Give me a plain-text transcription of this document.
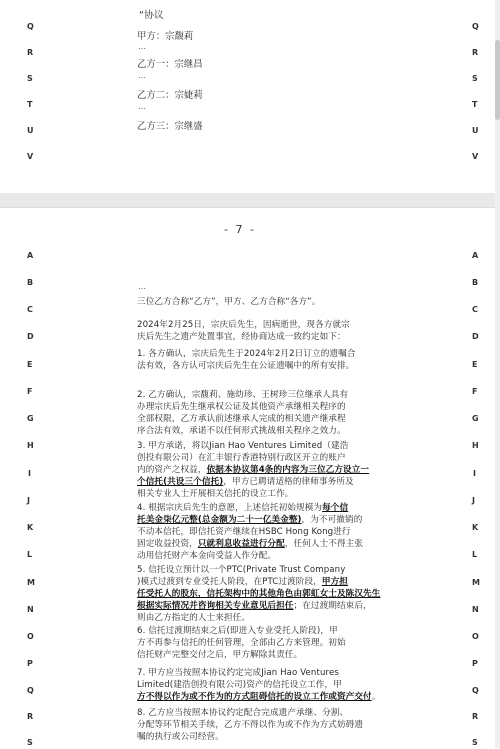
“协议
甲方：宗馥莉
…
乙方一：宗继昌
…
乙方二：宗婕莉
…
乙方三：宗继盛
Q
R
S
T
U
V
Q
R
S
T
U
V
- 7 -
A
B
C
D
E
F
G
H
I
J
K
L
M
N
O
P
Q
R
S
A
B
C
D
E
F
G
H
I
J
K
L
M
N
O
P
Q
R
S
…
三位乙方合称“乙方”，甲方、乙方合称“各方”。
2024年2月25日，宗庆后先生，因病逝世，现各方就宗
庆后先生之遗产处置事宜，经协商达成一致约定如下：
1. 各方确认，宗庆后先生于2024年2月2日订立的遗嘱合
法有效，各方认可宗庆后先生在公证遗嘱中的所有安排。
2. 乙方确认，宗馥莉、施幼珍、王树珍三位继承人具有
办理宗庆后先生继承权公证及其他资产承继相关程序的
全部权限，乙方承认前述继承人完成的相关遗产继承程
序合法有效，承诺不以任何形式挑战相关程序之效力。
3. 甲方承诺，将以Jian Hao Ventures Limited（建浩
创投有限公司）在汇丰银行香港特别行政区开立的账户
内的资产之权益，依据本协议第4条的内容为三位乙方设立一
个信托(共设三个信托)，甲方已聘请适格的律师事务所及
相关专业人士开展相关信托的设立工作。
4. 根据宗庆后先生的意愿，上述信托初始规模为每个信
托美金柒亿元整(总金额为二十一亿美金整)，为不可撤销的
不动本信托，即信托资产继续在HSBC Hong Kong进行
固定收益投资，只就利息收益进行分配，任何人士不得主张
动用信托财产本金向受益人作分配。
5. 信托设立预计以一个PTC(Private Trust Company
)模式过渡到专业受托人阶段，在PTC过渡阶段，甲方担
任受托人的股东，信托架构中的其他角色由郭虹女士及陈汉先生
根据实际情况并咨询相关专业意见后担任；在过渡期结束后，
则由乙方指定的人士来担任。
6. 信托过渡期结束之后(即进入专业受托人阶段)，甲
方不再参与信托的任何管理，全部由乙方来管理。初始
信托财产完整交付之后，甲方解除其责任。
7. 甲方应当按照本协议约定完成Jian Hao Ventures
Limited(建浩创投有限公司)资产的信托设立工作，甲
方不得以作为或不作为的方式阻碍信托的设立工作或资产交付。
8. 乙方应当按照本协议约定配合完成遗产承继、分割、
分配等环节相关手续，乙方不得以作为或不作为方式妨碍遗
嘱的执行或公司经营。
